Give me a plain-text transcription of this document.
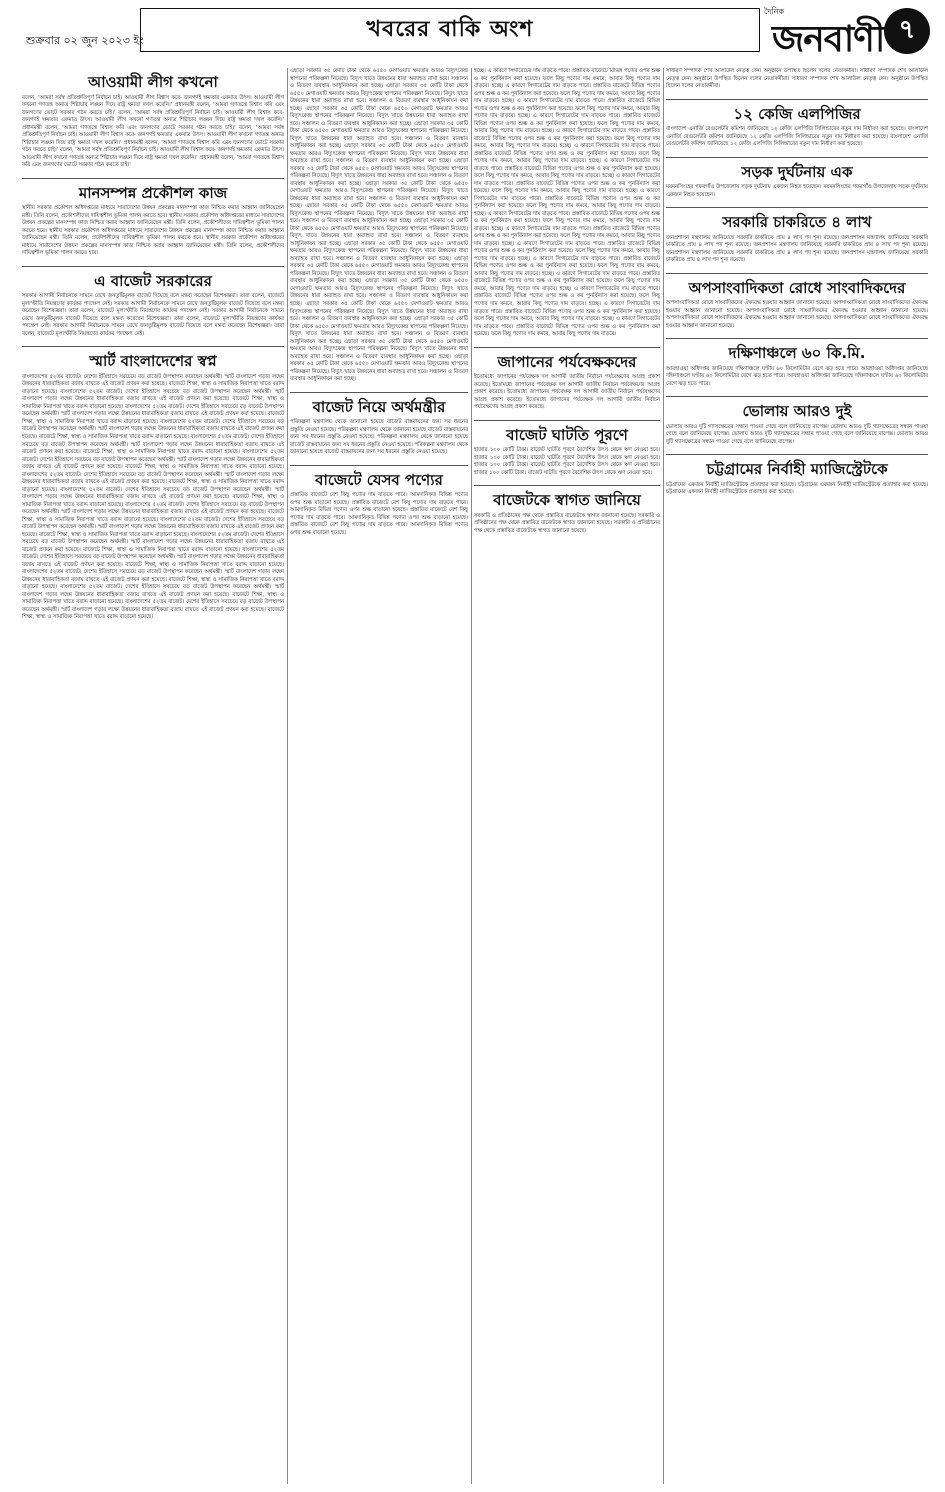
শুক্রবার ০২ জুন ২০২৩ ইং	খবরের বাকি অংশ
দৈনিক
জনবাণী ৭
আওয়ামী লীগ কখনো

বলেন, 'আমরা সর্বস্ব প্রতিশ্রুতিপূর্ণ নির্বাচন চাই। আওয়ামী লীগ বিশ্বাস করে- জনগণই ক্ষমতার একমাত্র উৎস। আওয়ামী লীগ কখনো গণতন্ত্র অন্যত্র শিষ্টাচার লঙ্ঘন দিয়ে রাষ্ট্র ক্ষমতা দখল করেনি।' প্রধানমন্ত্রী বলেন, 'আমরা গণতন্ত্রে বিশ্বাস করি এবং জনগণের ভোটে সরকার গঠন করতে চাই।' বলেন, 'আমরা সর্বস্ব প্রতিশ্রুতিপূর্ণ নির্বাচন চাই। আওয়ামী লীগ বিশ্বাস করে- জনগণই ক্ষমতার একমাত্র উৎস। আওয়ামী লীগ কখনো গণতন্ত্র অন্যত্র শিষ্টাচার লঙ্ঘন দিয়ে রাষ্ট্র ক্ষমতা দখল করেনি।' প্রধানমন্ত্রী বলেন, 'আমরা গণতন্ত্রে বিশ্বাস করি এবং জনগণের ভোটে সরকার গঠন করতে চাই।' বলেন, 'আমরা সর্বস্ব প্রতিশ্রুতিপূর্ণ নির্বাচন চাই। আওয়ামী লীগ বিশ্বাস করে- জনগণই ক্ষমতার একমাত্র উৎস। আওয়ামী লীগ কখনো গণতন্ত্র অন্যত্র শিষ্টাচার লঙ্ঘন দিয়ে রাষ্ট্র ক্ষমতা দখল করেনি।' প্রধানমন্ত্রী বলেন, 'আমরা গণতন্ত্রে বিশ্বাস করি এবং জনগণের ভোটে সরকার গঠন করতে চাই।' বলেন, 'আমরা সর্বস্ব প্রতিশ্রুতিপূর্ণ নির্বাচন চাই। আওয়ামী লীগ বিশ্বাস করে- জনগণই ক্ষমতার একমাত্র উৎস। আওয়ামী লীগ কখনো গণতন্ত্র অন্যত্র শিষ্টাচার লঙ্ঘন দিয়ে রাষ্ট্র ক্ষমতা দখল করেনি।' প্রধানমন্ত্রী বলেন, 'আমরা গণতন্ত্রে বিশ্বাস করি এবং জনগণের ভোটে সরকার গঠন করতে চাই।'

মানসম্পন্ন প্রকৌশল কাজ

স্থানীয় সরকার প্রকৌশল অধিদপ্তরের মাধ্যমে সারাদেশের উন্নয়ন প্রকল্পের মানসম্পন্ন কাজ নিশ্চিত করার আহ্বান জানিয়েছেন মন্ত্রী। তিনি বলেন, প্রকৌশলীদের দায়িত্বশীল ভূমিকা পালন করতে হবে। স্থানীয় সরকার প্রকৌশল অধিদপ্তরের মাধ্যমে সারাদেশের উন্নয়ন প্রকল্পের মানসম্পন্ন কাজ নিশ্চিত করার আহ্বান জানিয়েছেন মন্ত্রী। তিনি বলেন, প্রকৌশলীদের দায়িত্বশীল ভূমিকা পালন করতে হবে। স্থানীয় সরকার প্রকৌশল অধিদপ্তরের মাধ্যমে সারাদেশের উন্নয়ন প্রকল্পের মানসম্পন্ন কাজ নিশ্চিত করার আহ্বান জানিয়েছেন মন্ত্রী। তিনি বলেন, প্রকৌশলীদের দায়িত্বশীল ভূমিকা পালন করতে হবে। স্থানীয় সরকার প্রকৌশল অধিদপ্তরের মাধ্যমে সারাদেশের উন্নয়ন প্রকল্পের মানসম্পন্ন কাজ নিশ্চিত করার আহ্বান জানিয়েছেন মন্ত্রী। তিনি বলেন, প্রকৌশলীদের দায়িত্বশীল ভূমিকা পালন করতে হবে।

এ বাজেট সরকারের

সরকার আগামী নির্বাচনকে সামনে রেখে জনতুষ্টিমূলক বাজেট দিয়েছে বলে মন্তব্য করেছেন বিশেষজ্ঞরা। তারা বলেন, বাজেটে মূল্যস্ফীতি নিয়ন্ত্রণের কার্যকর পদক্ষেপ নেই। সরকার আগামী নির্বাচনকে সামনে রেখে জনতুষ্টিমূলক বাজেট দিয়েছে বলে মন্তব্য করেছেন বিশেষজ্ঞরা। তারা বলেন, বাজেটে মূল্যস্ফীতি নিয়ন্ত্রণের কার্যকর পদক্ষেপ নেই। সরকার আগামী নির্বাচনকে সামনে রেখে জনতুষ্টিমূলক বাজেট দিয়েছে বলে মন্তব্য করেছেন বিশেষজ্ঞরা। তারা বলেন, বাজেটে মূল্যস্ফীতি নিয়ন্ত্রণের কার্যকর পদক্ষেপ নেই। সরকার আগামী নির্বাচনকে সামনে রেখে জনতুষ্টিমূলক বাজেট দিয়েছে বলে মন্তব্য করেছেন বিশেষজ্ঞরা। তারা বলেন, বাজেটে মূল্যস্ফীতি নিয়ন্ত্রণের কার্যকর পদক্ষেপ নেই।

স্মার্ট বাংলাদেশের স্বপ্ন

বাংলাদেশের ৫২তম বাজেট। দেশের ইতিহাসে সবচেয়ে বড় বাজেট উপস্থাপন করেছেন অর্থমন্ত্রী। স্মার্ট বাংলাদেশ গড়ার লক্ষ্যে উন্নয়নের ধারাবাহিকতা বজায় রাখতে এই বাজেট প্রণয়ন করা হয়েছে। বাজেটে শিক্ষা, স্বাস্থ্য ও সামাজিক নিরাপত্তা খাতে বরাদ্দ বাড়ানো হয়েছে। বাংলাদেশের ৫২তম বাজেট। দেশের ইতিহাসে সবচেয়ে বড় বাজেট উপস্থাপন করেছেন অর্থমন্ত্রী। স্মার্ট বাংলাদেশ গড়ার লক্ষ্যে উন্নয়নের ধারাবাহিকতা বজায় রাখতে এই বাজেট প্রণয়ন করা হয়েছে। বাজেটে শিক্ষা, স্বাস্থ্য ও সামাজিক নিরাপত্তা খাতে বরাদ্দ বাড়ানো হয়েছে। বাংলাদেশের ৫২তম বাজেট। দেশের ইতিহাসে সবচেয়ে বড় বাজেট উপস্থাপন করেছেন অর্থমন্ত্রী। স্মার্ট বাংলাদেশ গড়ার লক্ষ্যে উন্নয়নের ধারাবাহিকতা বজায় রাখতে এই বাজেট প্রণয়ন করা হয়েছে। বাজেটে শিক্ষা, স্বাস্থ্য ও সামাজিক নিরাপত্তা খাতে বরাদ্দ বাড়ানো হয়েছে। বাংলাদেশের ৫২তম বাজেট। দেশের ইতিহাসে সবচেয়ে বড় বাজেট উপস্থাপন করেছেন অর্থমন্ত্রী। স্মার্ট বাংলাদেশ গড়ার লক্ষ্যে উন্নয়নের ধারাবাহিকতা বজায় রাখতে এই বাজেট প্রণয়ন করা হয়েছে। বাজেটে শিক্ষা, স্বাস্থ্য ও সামাজিক নিরাপত্তা খাতে বরাদ্দ বাড়ানো হয়েছে। বাংলাদেশের ৫২তম বাজেট। দেশের ইতিহাসে সবচেয়ে বড় বাজেট উপস্থাপন করেছেন অর্থমন্ত্রী। স্মার্ট বাংলাদেশ গড়ার লক্ষ্যে উন্নয়নের ধারাবাহিকতা বজায় রাখতে এই বাজেট প্রণয়ন করা হয়েছে। বাজেটে শিক্ষা, স্বাস্থ্য ও সামাজিক নিরাপত্তা খাতে বরাদ্দ বাড়ানো হয়েছে। বাংলাদেশের ৫২তম বাজেট। দেশের ইতিহাসে সবচেয়ে বড় বাজেট উপস্থাপন করেছেন অর্থমন্ত্রী। স্মার্ট বাংলাদেশ গড়ার লক্ষ্যে উন্নয়নের ধারাবাহিকতা বজায় রাখতে এই বাজেট প্রণয়ন করা হয়েছে। বাজেটে শিক্ষা, স্বাস্থ্য ও সামাজিক নিরাপত্তা খাতে বরাদ্দ বাড়ানো হয়েছে। বাংলাদেশের ৫২তম বাজেট। দেশের ইতিহাসে সবচেয়ে বড় বাজেট উপস্থাপন করেছেন অর্থমন্ত্রী। স্মার্ট বাংলাদেশ গড়ার লক্ষ্যে উন্নয়নের ধারাবাহিকতা বজায় রাখতে এই বাজেট প্রণয়ন করা হয়েছে। বাজেটে শিক্ষা, স্বাস্থ্য ও সামাজিক নিরাপত্তা খাতে বরাদ্দ বাড়ানো হয়েছে। বাংলাদেশের ৫২তম বাজেট। দেশের ইতিহাসে সবচেয়ে বড় বাজেট উপস্থাপন করেছেন অর্থমন্ত্রী। স্মার্ট বাংলাদেশ গড়ার লক্ষ্যে উন্নয়নের ধারাবাহিকতা বজায় রাখতে এই বাজেট প্রণয়ন করা হয়েছে। বাজেটে শিক্ষা, স্বাস্থ্য ও সামাজিক নিরাপত্তা খাতে বরাদ্দ বাড়ানো হয়েছে। বাংলাদেশের ৫২তম বাজেট। দেশের ইতিহাসে সবচেয়ে বড় বাজেট উপস্থাপন করেছেন অর্থমন্ত্রী। স্মার্ট বাংলাদেশ গড়ার লক্ষ্যে উন্নয়নের ধারাবাহিকতা বজায় রাখতে এই বাজেট প্রণয়ন করা হয়েছে। বাজেটে শিক্ষা, স্বাস্থ্য ও সামাজিক নিরাপত্তা খাতে বরাদ্দ বাড়ানো হয়েছে। বাংলাদেশের ৫২তম বাজেট। দেশের ইতিহাসে সবচেয়ে বড় বাজেট উপস্থাপন করেছেন অর্থমন্ত্রী। স্মার্ট বাংলাদেশ গড়ার লক্ষ্যে উন্নয়নের ধারাবাহিকতা বজায় রাখতে এই বাজেট প্রণয়ন করা হয়েছে। বাজেটে শিক্ষা, স্বাস্থ্য ও সামাজিক নিরাপত্তা খাতে বরাদ্দ বাড়ানো হয়েছে। বাংলাদেশের ৫২তম বাজেট। দেশের ইতিহাসে সবচেয়ে বড় বাজেট উপস্থাপন করেছেন অর্থমন্ত্রী। স্মার্ট বাংলাদেশ গড়ার লক্ষ্যে উন্নয়নের ধারাবাহিকতা বজায় রাখতে এই বাজেট প্রণয়ন করা হয়েছে। বাজেটে শিক্ষা, স্বাস্থ্য ও সামাজিক নিরাপত্তা খাতে বরাদ্দ বাড়ানো হয়েছে। বাংলাদেশের ৫২তম বাজেট। দেশের ইতিহাসে সবচেয়ে বড় বাজেট উপস্থাপন করেছেন অর্থমন্ত্রী। স্মার্ট বাংলাদেশ গড়ার লক্ষ্যে উন্নয়নের ধারাবাহিকতা বজায় রাখতে এই বাজেট প্রণয়ন করা হয়েছে। বাজেটে শিক্ষা, স্বাস্থ্য ও সামাজিক নিরাপত্তা খাতে বরাদ্দ বাড়ানো হয়েছে। বাংলাদেশের ৫২তম বাজেট। দেশের ইতিহাসে সবচেয়ে বড় বাজেট উপস্থাপন করেছেন অর্থমন্ত্রী। স্মার্ট বাংলাদেশ গড়ার লক্ষ্যে উন্নয়নের ধারাবাহিকতা বজায় রাখতে এই বাজেট প্রণয়ন করা হয়েছে। বাজেটে শিক্ষা, স্বাস্থ্য ও সামাজিক নিরাপত্তা খাতে বরাদ্দ বাড়ানো হয়েছে। বাংলাদেশের ৫২তম বাজেট। দেশের ইতিহাসে সবচেয়ে বড় বাজেট উপস্থাপন করেছেন অর্থমন্ত্রী। স্মার্ট বাংলাদেশ গড়ার লক্ষ্যে উন্নয়নের ধারাবাহিকতা বজায় রাখতে এই বাজেট প্রণয়ন করা হয়েছে। বাজেটে শিক্ষা, স্বাস্থ্য ও সামাজিক নিরাপত্তা খাতে বরাদ্দ বাড়ানো হয়েছে। বাংলাদেশের ৫২তম বাজেট। দেশের ইতিহাসে সবচেয়ে বড় বাজেট উপস্থাপন করেছেন অর্থমন্ত্রী। স্মার্ট বাংলাদেশ গড়ার লক্ষ্যে উন্নয়নের ধারাবাহিকতা বজায় রাখতে এই বাজেট প্রণয়ন করা হয়েছে। বাজেটে শিক্ষা, স্বাস্থ্য ও সামাজিক নিরাপত্তা খাতে বরাদ্দ বাড়ানো হয়েছে।

এছাড়া সরকার ৩৫ কোটি টাকা থেকে ৬৫৫০ মেগাওয়াট ক্ষমতার আরও বিদ্যুৎকেন্দ্র স্থাপনের পরিকল্পনা নিয়েছে। বিদ্যুৎ খাতে উন্নয়নের ধারা অব্যাহত রাখা হবে। সঞ্চালন ও বিতরণ ব্যবস্থার আধুনিকায়ন করা হচ্ছে। এছাড়া সরকার ৩৫ কোটি টাকা থেকে ৬৫৫০ মেগাওয়াট ক্ষমতার আরও বিদ্যুৎকেন্দ্র স্থাপনের পরিকল্পনা নিয়েছে। বিদ্যুৎ খাতে উন্নয়নের ধারা অব্যাহত রাখা হবে। সঞ্চালন ও বিতরণ ব্যবস্থার আধুনিকায়ন করা হচ্ছে। এছাড়া সরকার ৩৫ কোটি টাকা থেকে ৬৫৫০ মেগাওয়াট ক্ষমতার আরও বিদ্যুৎকেন্দ্র স্থাপনের পরিকল্পনা নিয়েছে। বিদ্যুৎ খাতে উন্নয়নের ধারা অব্যাহত রাখা হবে। সঞ্চালন ও বিতরণ ব্যবস্থার আধুনিকায়ন করা হচ্ছে। এছাড়া সরকার ৩৫ কোটি টাকা থেকে ৬৫৫০ মেগাওয়াট ক্ষমতার আরও বিদ্যুৎকেন্দ্র স্থাপনের পরিকল্পনা নিয়েছে। বিদ্যুৎ খাতে উন্নয়নের ধারা অব্যাহত রাখা হবে। সঞ্চালন ও বিতরণ ব্যবস্থার আধুনিকায়ন করা হচ্ছে। এছাড়া সরকার ৩৫ কোটি টাকা থেকে ৬৫৫০ মেগাওয়াট ক্ষমতার আরও বিদ্যুৎকেন্দ্র স্থাপনের পরিকল্পনা নিয়েছে। বিদ্যুৎ খাতে উন্নয়নের ধারা অব্যাহত রাখা হবে। সঞ্চালন ও বিতরণ ব্যবস্থার আধুনিকায়ন করা হচ্ছে। এছাড়া সরকার ৩৫ কোটি টাকা থেকে ৬৫৫০ মেগাওয়াট ক্ষমতার আরও বিদ্যুৎকেন্দ্র স্থাপনের পরিকল্পনা নিয়েছে। বিদ্যুৎ খাতে উন্নয়নের ধারা অব্যাহত রাখা হবে। সঞ্চালন ও বিতরণ ব্যবস্থার আধুনিকায়ন করা হচ্ছে। এছাড়া সরকার ৩৫ কোটি টাকা থেকে ৬৫৫০ মেগাওয়াট ক্ষমতার আরও বিদ্যুৎকেন্দ্র স্থাপনের পরিকল্পনা নিয়েছে। বিদ্যুৎ খাতে উন্নয়নের ধারা অব্যাহত রাখা হবে। সঞ্চালন ও বিতরণ ব্যবস্থার আধুনিকায়ন করা হচ্ছে। এছাড়া সরকার ৩৫ কোটি টাকা থেকে ৬৫৫০ মেগাওয়াট ক্ষমতার আরও বিদ্যুৎকেন্দ্র স্থাপনের পরিকল্পনা নিয়েছে। বিদ্যুৎ খাতে উন্নয়নের ধারা অব্যাহত রাখা হবে। সঞ্চালন ও বিতরণ ব্যবস্থার আধুনিকায়ন করা হচ্ছে। এছাড়া সরকার ৩৫ কোটি টাকা থেকে ৬৫৫০ মেগাওয়াট ক্ষমতার আরও বিদ্যুৎকেন্দ্র স্থাপনের পরিকল্পনা নিয়েছে। বিদ্যুৎ খাতে উন্নয়নের ধারা অব্যাহত রাখা হবে। সঞ্চালন ও বিতরণ ব্যবস্থার আধুনিকায়ন করা হচ্ছে। এছাড়া সরকার ৩৫ কোটি টাকা থেকে ৬৫৫০ মেগাওয়াট ক্ষমতার আরও বিদ্যুৎকেন্দ্র স্থাপনের পরিকল্পনা নিয়েছে। বিদ্যুৎ খাতে উন্নয়নের ধারা অব্যাহত রাখা হবে। সঞ্চালন ও বিতরণ ব্যবস্থার আধুনিকায়ন করা হচ্ছে। এছাড়া সরকার ৩৫ কোটি টাকা থেকে ৬৫৫০ মেগাওয়াট ক্ষমতার আরও বিদ্যুৎকেন্দ্র স্থাপনের পরিকল্পনা নিয়েছে। বিদ্যুৎ খাতে উন্নয়নের ধারা অব্যাহত রাখা হবে। সঞ্চালন ও বিতরণ ব্যবস্থার আধুনিকায়ন করা হচ্ছে। এছাড়া সরকার ৩৫ কোটি টাকা থেকে ৬৫৫০ মেগাওয়াট ক্ষমতার আরও বিদ্যুৎকেন্দ্র স্থাপনের পরিকল্পনা নিয়েছে। বিদ্যুৎ খাতে উন্নয়নের ধারা অব্যাহত রাখা হবে। সঞ্চালন ও বিতরণ ব্যবস্থার আধুনিকায়ন করা হচ্ছে। এছাড়া সরকার ৩৫ কোটি টাকা থেকে ৬৫৫০ মেগাওয়াট ক্ষমতার আরও বিদ্যুৎকেন্দ্র স্থাপনের পরিকল্পনা নিয়েছে। বিদ্যুৎ খাতে উন্নয়নের ধারা অব্যাহত রাখা হবে। সঞ্চালন ও বিতরণ ব্যবস্থার আধুনিকায়ন করা হচ্ছে। এছাড়া সরকার ৩৫ কোটি টাকা থেকে ৬৫৫০ মেগাওয়াট ক্ষমতার আরও বিদ্যুৎকেন্দ্র স্থাপনের পরিকল্পনা নিয়েছে। বিদ্যুৎ খাতে উন্নয়নের ধারা অব্যাহত রাখা হবে। সঞ্চালন ও বিতরণ ব্যবস্থার আধুনিকায়ন করা হচ্ছে। এছাড়া সরকার ৩৫ কোটি টাকা থেকে ৬৫৫০ মেগাওয়াট ক্ষমতার আরও বিদ্যুৎকেন্দ্র স্থাপনের পরিকল্পনা নিয়েছে। বিদ্যুৎ খাতে উন্নয়নের ধারা অব্যাহত রাখা হবে। সঞ্চালন ও বিতরণ ব্যবস্থার আধুনিকায়ন করা হচ্ছে। এছাড়া সরকার ৩৫ কোটি টাকা থেকে ৬৫৫০ মেগাওয়াট ক্ষমতার আরও বিদ্যুৎকেন্দ্র স্থাপনের পরিকল্পনা নিয়েছে। বিদ্যুৎ খাতে উন্নয়নের ধারা অব্যাহত রাখা হবে। সঞ্চালন ও বিতরণ ব্যবস্থার আধুনিকায়ন করা হচ্ছে।

বাজেট নিয়ে অর্থমন্ত্রীর

পরিকল্পনা মন্ত্রণালয় থেকে জানানো হয়েছে বাজেট বাস্তবায়নের জন্য সব ধরনের প্রস্তুতি নেওয়া হয়েছে। পরিকল্পনা মন্ত্রণালয় থেকে জানানো হয়েছে বাজেট বাস্তবায়নের জন্য সব ধরনের প্রস্তুতি নেওয়া হয়েছে। পরিকল্পনা মন্ত্রণালয় থেকে জানানো হয়েছে বাজেট বাস্তবায়নের জন্য সব ধরনের প্রস্তুতি নেওয়া হয়েছে। পরিকল্পনা মন্ত্রণালয় থেকে জানানো হয়েছে বাজেট বাস্তবায়নের জন্য সব ধরনের প্রস্তুতি নেওয়া হয়েছে।

বাজেটে যেসব পণ্যের

প্রস্তাবিত বাজেটে বেশ কিছু পণ্যের দাম বাড়তে পারে। আমদানিকৃত বিভিন্ন পণ্যের ওপর শুল্ক বাড়ানো হয়েছে। প্রস্তাবিত বাজেটে বেশ কিছু পণ্যের দাম বাড়তে পারে। আমদানিকৃত বিভিন্ন পণ্যের ওপর শুল্ক বাড়ানো হয়েছে। প্রস্তাবিত বাজেটে বেশ কিছু পণ্যের দাম বাড়তে পারে। আমদানিকৃত বিভিন্ন পণ্যের ওপর শুল্ক বাড়ানো হয়েছে। প্রস্তাবিত বাজেটে বেশ কিছু পণ্যের দাম বাড়তে পারে। আমদানিকৃত বিভিন্ন পণ্যের ওপর শুল্ক বাড়ানো হয়েছে।

হচ্ছে। এ কারণে সিগারেটের দাম বাড়তে পারে। প্রস্তাবিত বাজেটে বিভিন্ন পণ্যের ওপর শুল্ক ও কর পুনর্বিন্যাস করা হয়েছে। ফলে কিছু পণ্যের দাম কমবে, আবার কিছু পণ্যের দাম বাড়বে। হচ্ছে। এ কারণে সিগারেটের দাম বাড়তে পারে। প্রস্তাবিত বাজেটে বিভিন্ন পণ্যের ওপর শুল্ক ও কর পুনর্বিন্যাস করা হয়েছে। ফলে কিছু পণ্যের দাম কমবে, আবার কিছু পণ্যের দাম বাড়বে। হচ্ছে। এ কারণে সিগারেটের দাম বাড়তে পারে। প্রস্তাবিত বাজেটে বিভিন্ন পণ্যের ওপর শুল্ক ও কর পুনর্বিন্যাস করা হয়েছে। ফলে কিছু পণ্যের দাম কমবে, আবার কিছু পণ্যের দাম বাড়বে। হচ্ছে। এ কারণে সিগারেটের দাম বাড়তে পারে। প্রস্তাবিত বাজেটে বিভিন্ন পণ্যের ওপর শুল্ক ও কর পুনর্বিন্যাস করা হয়েছে। ফলে কিছু পণ্যের দাম কমবে, আবার কিছু পণ্যের দাম বাড়বে। হচ্ছে। এ কারণে সিগারেটের দাম বাড়তে পারে। প্রস্তাবিত বাজেটে বিভিন্ন পণ্যের ওপর শুল্ক ও কর পুনর্বিন্যাস করা হয়েছে। ফলে কিছু পণ্যের দাম কমবে, আবার কিছু পণ্যের দাম বাড়বে। হচ্ছে। এ কারণে সিগারেটের দাম বাড়তে পারে। প্রস্তাবিত বাজেটে বিভিন্ন পণ্যের ওপর শুল্ক ও কর পুনর্বিন্যাস করা হয়েছে। ফলে কিছু পণ্যের দাম কমবে, আবার কিছু পণ্যের দাম বাড়বে। হচ্ছে। এ কারণে সিগারেটের দাম বাড়তে পারে। প্রস্তাবিত বাজেটে বিভিন্ন পণ্যের ওপর শুল্ক ও কর পুনর্বিন্যাস করা হয়েছে। ফলে কিছু পণ্যের দাম কমবে, আবার কিছু পণ্যের দাম বাড়বে। হচ্ছে। এ কারণে সিগারেটের দাম বাড়তে পারে। প্রস্তাবিত বাজেটে বিভিন্ন পণ্যের ওপর শুল্ক ও কর পুনর্বিন্যাস করা হয়েছে। ফলে কিছু পণ্যের দাম কমবে, আবার কিছু পণ্যের দাম বাড়বে। হচ্ছে। এ কারণে সিগারেটের দাম বাড়তে পারে। প্রস্তাবিত বাজেটে বিভিন্ন পণ্যের ওপর শুল্ক ও কর পুনর্বিন্যাস করা হয়েছে। ফলে কিছু পণ্যের দাম কমবে, আবার কিছু পণ্যের দাম বাড়বে। হচ্ছে। এ কারণে সিগারেটের দাম বাড়তে পারে। প্রস্তাবিত বাজেটে বিভিন্ন পণ্যের ওপর শুল্ক ও কর পুনর্বিন্যাস করা হয়েছে। ফলে কিছু পণ্যের দাম কমবে, আবার কিছু পণ্যের দাম বাড়বে। হচ্ছে। এ কারণে সিগারেটের দাম বাড়তে পারে। প্রস্তাবিত বাজেটে বিভিন্ন পণ্যের ওপর শুল্ক ও কর পুনর্বিন্যাস করা হয়েছে। ফলে কিছু পণ্যের দাম কমবে, আবার কিছু পণ্যের দাম বাড়বে। হচ্ছে। এ কারণে সিগারেটের দাম বাড়তে পারে। প্রস্তাবিত বাজেটে বিভিন্ন পণ্যের ওপর শুল্ক ও কর পুনর্বিন্যাস করা হয়েছে। ফলে কিছু পণ্যের দাম কমবে, আবার কিছু পণ্যের দাম বাড়বে। হচ্ছে। এ কারণে সিগারেটের দাম বাড়তে পারে। প্রস্তাবিত বাজেটে বিভিন্ন পণ্যের ওপর শুল্ক ও কর পুনর্বিন্যাস করা হয়েছে। ফলে কিছু পণ্যের দাম কমবে, আবার কিছু পণ্যের দাম বাড়বে। হচ্ছে। এ কারণে সিগারেটের দাম বাড়তে পারে। প্রস্তাবিত বাজেটে বিভিন্ন পণ্যের ওপর শুল্ক ও কর পুনর্বিন্যাস করা হয়েছে। ফলে কিছু পণ্যের দাম কমবে, আবার কিছু পণ্যের দাম বাড়বে। হচ্ছে। এ কারণে সিগারেটের দাম বাড়তে পারে। প্রস্তাবিত বাজেটে বিভিন্ন পণ্যের ওপর শুল্ক ও কর পুনর্বিন্যাস করা হয়েছে। ফলে কিছু পণ্যের দাম কমবে, আবার কিছু পণ্যের দাম বাড়বে। হচ্ছে। এ কারণে সিগারেটের দাম বাড়তে পারে। প্রস্তাবিত বাজেটে বিভিন্ন পণ্যের ওপর শুল্ক ও কর পুনর্বিন্যাস করা হয়েছে। ফলে কিছু পণ্যের দাম কমবে, আবার কিছু পণ্যের দাম বাড়বে। হচ্ছে। এ কারণে সিগারেটের দাম বাড়তে পারে। প্রস্তাবিত বাজেটে বিভিন্ন পণ্যের ওপর শুল্ক ও কর পুনর্বিন্যাস করা হয়েছে। ফলে কিছু পণ্যের দাম কমবে, আবার কিছু পণ্যের দাম বাড়বে।

জাপানের পর্যবেক্ষকদের

ইতোমধ্যে জাপানের পর্যবেক্ষক দল আগামী জাতীয় নির্বাচন পর্যবেক্ষণের আগ্রহ প্রকাশ করেছে। ইতোমধ্যে জাপানের পর্যবেক্ষক দল আগামী জাতীয় নির্বাচন পর্যবেক্ষণের আগ্রহ প্রকাশ করেছে। ইতোমধ্যে জাপানের পর্যবেক্ষক দল আগামী জাতীয় নির্বাচন পর্যবেক্ষণের আগ্রহ প্রকাশ করেছে। ইতোমধ্যে জাপানের পর্যবেক্ষক দল আগামী জাতীয় নির্বাচন পর্যবেক্ষণের আগ্রহ প্রকাশ করেছে।

বাজেট ঘাটতি পূরণে

হাজার ১০০ কোটি টাকা। বাজেট ঘাটতি পূরণে বৈদেশিক উৎস থেকে ঋণ নেওয়া হবে। হাজার ১০০ কোটি টাকা। বাজেট ঘাটতি পূরণে বৈদেশিক উৎস থেকে ঋণ নেওয়া হবে। হাজার ১০০ কোটি টাকা। বাজেট ঘাটতি পূরণে বৈদেশিক উৎস থেকে ঋণ নেওয়া হবে। হাজার ১০০ কোটি টাকা। বাজেট ঘাটতি পূরণে বৈদেশিক উৎস থেকে ঋণ নেওয়া হবে।

বাজেটকে স্বাগত জানিয়ে

সরকারি ও প্রতিষ্ঠানের পক্ষ থেকে প্রস্তাবিত বাজেটকে স্বাগত জানানো হয়েছে। সরকারি ও প্রতিষ্ঠানের পক্ষ থেকে প্রস্তাবিত বাজেটকে স্বাগত জানানো হয়েছে। সরকারি ও প্রতিষ্ঠানের পক্ষ থেকে প্রস্তাবিত বাজেটকে স্বাগত জানানো হয়েছে।

সাধারণ সম্পাদক শেখ আলাউল নেতৃত্ব দেন। অনুষ্ঠানে উপস্থিত ছিলেন দলের নেতাকর্মীরা। সাধারণ সম্পাদক শেখ আলাউল নেতৃত্ব দেন। অনুষ্ঠানে উপস্থিত ছিলেন দলের নেতাকর্মীরা। সাধারণ সম্পাদক শেখ আলাউল নেতৃত্ব দেন। অনুষ্ঠানে উপস্থিত ছিলেন দলের নেতাকর্মীরা।

১২ কেজি এলপিজির

বাংলাদেশ এনার্জি রেগুলেটরি কমিশন জানিয়েছে ১২ কেজি এলপিজি সিলিন্ডারের নতুন দাম নির্ধারণ করা হয়েছে। বাংলাদেশ এনার্জি রেগুলেটরি কমিশন জানিয়েছে ১২ কেজি এলপিজি সিলিন্ডারের নতুন দাম নির্ধারণ করা হয়েছে। বাংলাদেশ এনার্জি রেগুলেটরি কমিশন জানিয়েছে ১২ কেজি এলপিজি সিলিন্ডারের নতুন দাম নির্ধারণ করা হয়েছে।

সড়ক দুর্ঘটনায় এক

ময়মনসিংহের গফরগাঁও উপজেলায় সড়ক দুর্ঘটনায় একজন নিহত হয়েছেন। ময়মনসিংহের গফরগাঁও উপজেলায় সড়ক দুর্ঘটনায় একজন নিহত হয়েছেন।

সরকারি চাকরিতে ৪ লাখ

জনপ্রশাসন মন্ত্রণালয় জানিয়েছে সরকারি চাকরিতে প্রায় ৪ লাখ পদ শূন্য রয়েছে। জনপ্রশাসন মন্ত্রণালয় জানিয়েছে সরকারি চাকরিতে প্রায় ৪ লাখ পদ শূন্য রয়েছে। জনপ্রশাসন মন্ত্রণালয় জানিয়েছে সরকারি চাকরিতে প্রায় ৪ লাখ পদ শূন্য রয়েছে। জনপ্রশাসন মন্ত্রণালয় জানিয়েছে সরকারি চাকরিতে প্রায় ৪ লাখ পদ শূন্য রয়েছে। জনপ্রশাসন মন্ত্রণালয় জানিয়েছে সরকারি চাকরিতে প্রায় ৪ লাখ পদ শূন্য রয়েছে।

অপসাংবাদিকতা রোধে সাংবাদিকদের

অপসাংবাদিকতা রোধে সাংবাদিকদের ঐক্যবদ্ধ হওয়ার আহ্বান জানানো হয়েছে। অপসাংবাদিকতা রোধে সাংবাদিকদের ঐক্যবদ্ধ হওয়ার আহ্বান জানানো হয়েছে। অপসাংবাদিকতা রোধে সাংবাদিকদের ঐক্যবদ্ধ হওয়ার আহ্বান জানানো হয়েছে। অপসাংবাদিকতা রোধে সাংবাদিকদের ঐক্যবদ্ধ হওয়ার আহ্বান জানানো হয়েছে। অপসাংবাদিকতা রোধে সাংবাদিকদের ঐক্যবদ্ধ হওয়ার আহ্বান জানানো হয়েছে।

দক্ষিণাঞ্চলে ৬০ কি.মি.

আবহাওয়া অধিদপ্তর জানিয়েছে দক্ষিণাঞ্চলে ঘণ্টায় ৬০ কিলোমিটার বেগে ঝড় হতে পারে। আবহাওয়া অধিদপ্তর জানিয়েছে দক্ষিণাঞ্চলে ঘণ্টায় ৬০ কিলোমিটার বেগে ঝড় হতে পারে। আবহাওয়া অধিদপ্তর জানিয়েছে দক্ষিণাঞ্চলে ঘণ্টায় ৬০ কিলোমিটার বেগে ঝড় হতে পারে।

ভোলায় আরও দুই

ভোলায় আরও দুটি গ্যাসক্ষেত্রের সন্ধান পাওয়া গেছে বলে জানিয়েছে বাপেক্স। ভোলায় আরও দুটি গ্যাসক্ষেত্রের সন্ধান পাওয়া গেছে বলে জানিয়েছে বাপেক্স। ভোলায় আরও দুটি গ্যাসক্ষেত্রের সন্ধান পাওয়া গেছে বলে জানিয়েছে বাপেক্স। ভোলায় আরও দুটি গ্যাসক্ষেত্রের সন্ধান পাওয়া গেছে বলে জানিয়েছে বাপেক্স।

চট্টগ্রামের নির্বাহী ম্যাজিস্ট্রেটকে

চট্টগ্রামের একজন নির্বাহী ম্যাজিস্ট্রেটকে প্রত্যাহার করা হয়েছে। চট্টগ্রামের একজন নির্বাহী ম্যাজিস্ট্রেটকে প্রত্যাহার করা হয়েছে। চট্টগ্রামের একজন নির্বাহী ম্যাজিস্ট্রেটকে প্রত্যাহার করা হয়েছে।
